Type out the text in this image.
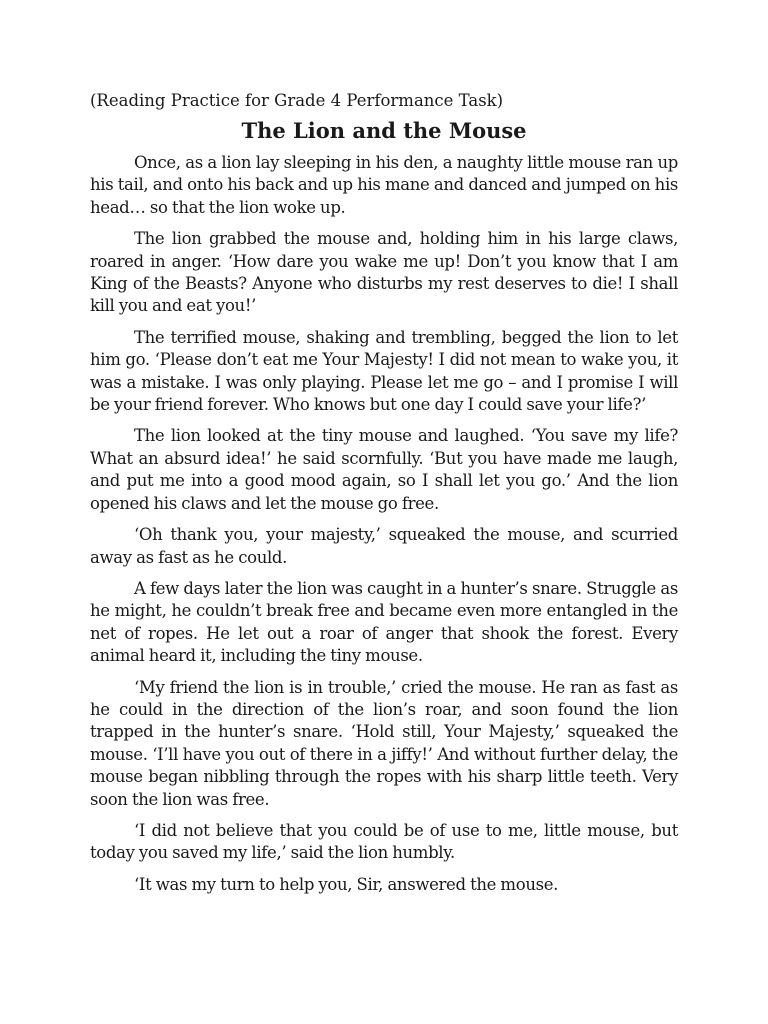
(Reading Practice for Grade 4 Performance Task)

The Lion and the Mouse

Once, as a lion lay sleeping in his den, a naughty little mouse ran up his tail, and onto his back and up his mane and danced and jumped on his head… so that the lion woke up.

The lion grabbed the mouse and, holding him in his large claws, roared in anger. ‘How dare you wake me up! Don’t you know that I am King of the Beasts? Anyone who disturbs my rest deserves to die! I shall kill you and eat you!’

The terrified mouse, shaking and trembling, begged the lion to let him go. ‘Please don’t eat me Your Majesty! I did not mean to wake you, it was a mistake. I was only playing. Please let me go – and I promise I will be your friend forever. Who knows but one day I could save your life?’

The lion looked at the tiny mouse and laughed. ‘You save my life? What an absurd idea!’ he said scornfully. ‘But you have made me laugh, and put me into a good mood again, so I shall let you go.’ And the lion opened his claws and let the mouse go free.

‘Oh thank you, your majesty,’ squeaked the mouse, and scurried away as fast as he could.

A few days later the lion was caught in a hunter’s snare. Struggle as he might, he couldn’t break free and became even more entangled in the net of ropes. He let out a roar of anger that shook the forest. Every animal heard it, including the tiny mouse.

‘My friend the lion is in trouble,’ cried the mouse. He ran as fast as he could in the direction of the lion’s roar, and soon found the lion trapped in the hunter’s snare. ‘Hold still, Your Majesty,’ squeaked the mouse. ‘I’ll have you out of there in a jiffy!’ And without further delay, the mouse began nibbling through the ropes with his sharp little teeth. Very soon the lion was free.

‘I did not believe that you could be of use to me, little mouse, but today you saved my life,’ said the lion humbly.

‘It was my turn to help you, Sir, answered the mouse.
